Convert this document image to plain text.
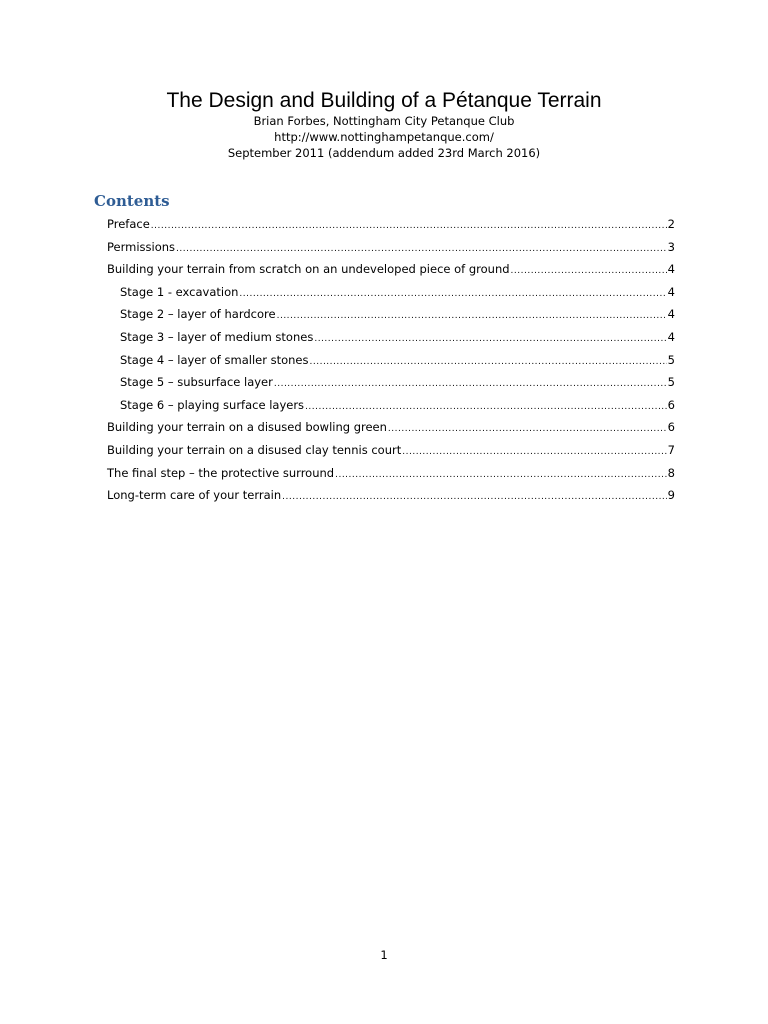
The Design and Building of a Pétanque Terrain
Brian Forbes, Nottingham City Petanque Club
http://www.nottinghampetanque.com/
September 2011 (addendum added 23rd March 2016)
Contents
Preface .....	2
Permissions .....	3
Building your terrain from scratch on an undeveloped piece of ground .....	4
Stage 1 - excavation .....	4
Stage 2 – layer of hardcore .....	4
Stage 3 – layer of medium stones .....	4
Stage 4 – layer of smaller stones .....	5
Stage 5 – subsurface layer .....	5
Stage 6 – playing surface layers .....	6
Building your terrain on a disused bowling green .....	6
Building your terrain on a disused clay tennis court .....	7
The final step – the protective surround .....	8
Long-term care of your terrain .....	9
1
